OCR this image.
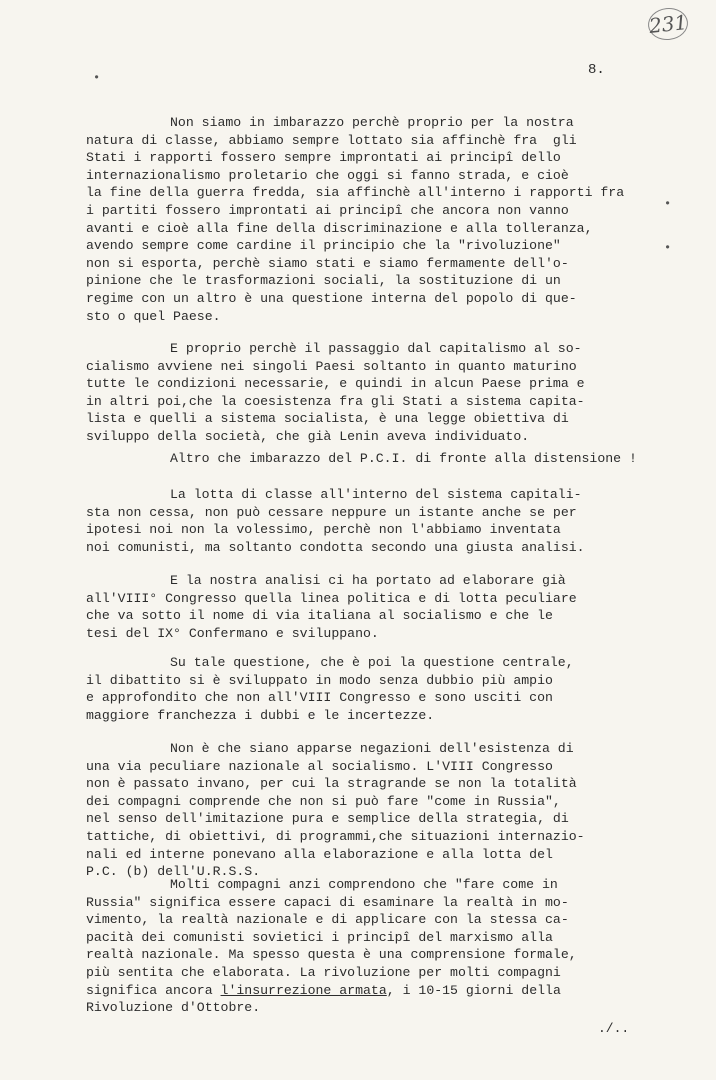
231
8.
•
•
•
Non siamo in imbarazzo perchè proprio per la nostra
natura di classe, abbiamo sempre lottato sia affinchè fra  gli
Stati i rapporti fossero sempre improntati ai principî dello
internazionalismo proletario che oggi si fanno strada, e cioè
la fine della guerra fredda, sia affinchè all'interno i rapporti fra
i partiti fossero improntati ai principî che ancora non vanno
avanti e cioè alla fine della discriminazione e alla tolleranza,
avendo sempre come cardine il principio che la "rivoluzione"
non si esporta, perchè siamo stati e siamo fermamente dell'o-
pinione che le trasformazioni sociali, la sostituzione di un
regime con un altro è una questione interna del popolo di que-
sto o quel Paese.
E proprio perchè il passaggio dal capitalismo al so-
cialismo avviene nei singoli Paesi soltanto in quanto maturino
tutte le condizioni necessarie, e quindi in alcun Paese prima e
in altri poi,che la coesistenza fra gli Stati a sistema capita-
lista e quelli a sistema socialista, è una legge obiettiva di
sviluppo della società, che già Lenin aveva individuato.
Altro che imbarazzo del P.C.I. di fronte alla distensione !
La lotta di classe all'interno del sistema capitali-
sta non cessa, non può cessare neppure un istante anche se per
ipotesi noi non la volessimo, perchè non l'abbiamo inventata
noi comunisti, ma soltanto condotta secondo una giusta analisi.
E la nostra analisi ci ha portato ad elaborare già
all'VIII° Congresso quella linea politica e di lotta peculiare
che va sotto il nome di via italiana al socialismo e che le
tesi del IX° Confermano e sviluppano.
Su tale questione, che è poi la questione centrale,
il dibattito si è sviluppato in modo senza dubbio più ampio
e approfondito che non all'VIII Congresso e sono usciti con
maggiore franchezza i dubbi e le incertezze.
Non è che siano apparse negazioni dell'esistenza di
una via peculiare nazionale al socialismo. L'VIII Congresso
non è passato invano, per cui la stragrande se non la totalità
dei compagni comprende che non si può fare "come in Russia",
nel senso dell'imitazione pura e semplice della strategia, di
tattiche, di obiettivi, di programmi,che situazioni internazio-
nali ed interne ponevano alla elaborazione e alla lotta del
P.C. (b) dell'U.R.S.S.
Molti compagni anzi comprendono che "fare come in
Russia" significa essere capaci di esaminare la realtà in mo-
vimento, la realtà nazionale e di applicare con la stessa ca-
pacità dei comunisti sovietici i principî del marxismo alla
realtà nazionale. Ma spesso questa è una comprensione formale,
più sentita che elaborata. La rivoluzione per molti compagni
significa ancora l'insurrezione armata, i 10-15 giorni della
Rivoluzione d'Ottobre.
./..
